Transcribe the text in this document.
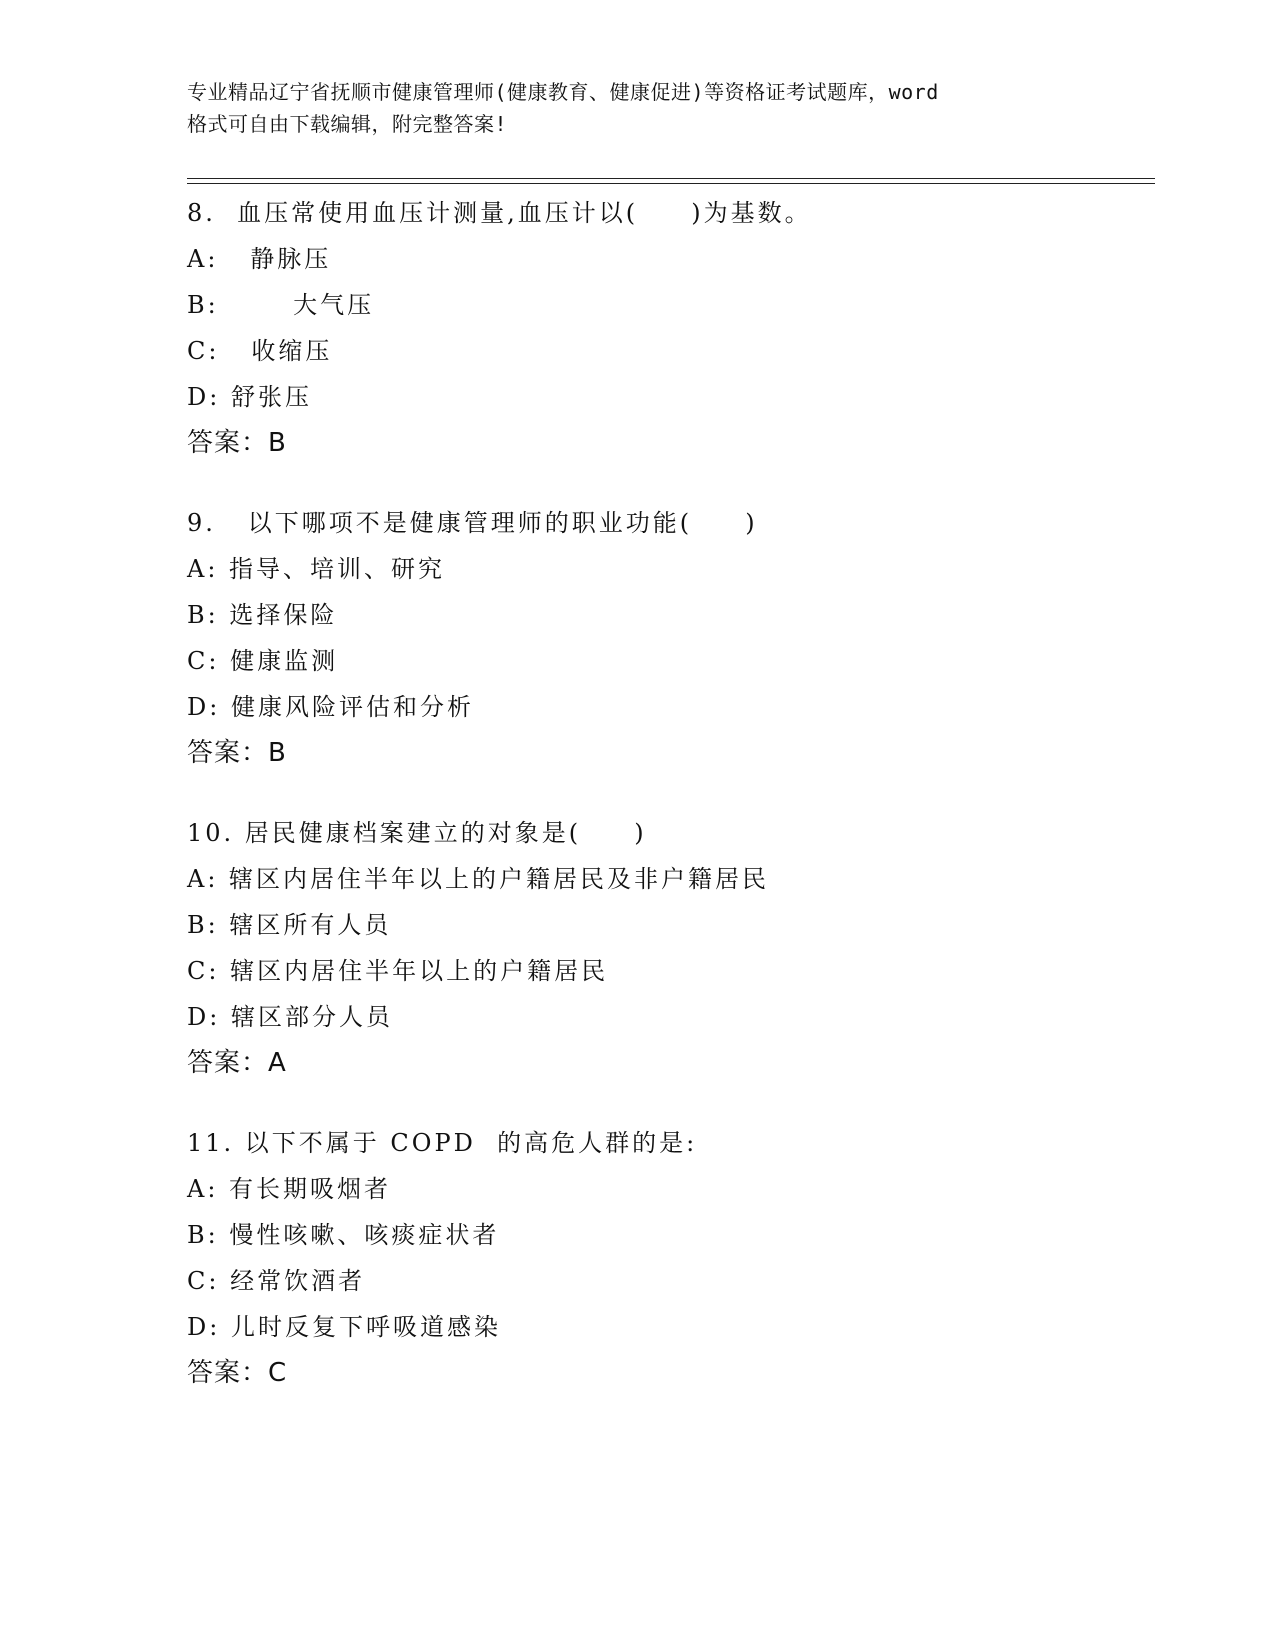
专业精品辽宁省抚顺市健康管理师(健康教育、健康促进)等资格证考试题库，word
格式可自由下载编辑，附完整答案!
8.  血压常使用血压计测量,血压计以(     )为基数。
A:   静脉压
B:       大气压
C:   收缩压
D: 舒张压
答案：B
9.   以下哪项不是健康管理师的职业功能(     )
A: 指导、培训、研究
B: 选择保险
C: 健康监测
D: 健康风险评估和分析
答案：B
10. 居民健康档案建立的对象是(     )
A: 辖区内居住半年以上的户籍居民及非户籍居民
B: 辖区所有人员
C: 辖区内居住半年以上的户籍居民
D: 辖区部分人员
答案：A
11. 以下不属于 COPD  的高危人群的是:
A: 有长期吸烟者
B: 慢性咳嗽、咳痰症状者
C: 经常饮酒者
D: 儿时反复下呼吸道感染
答案：C
